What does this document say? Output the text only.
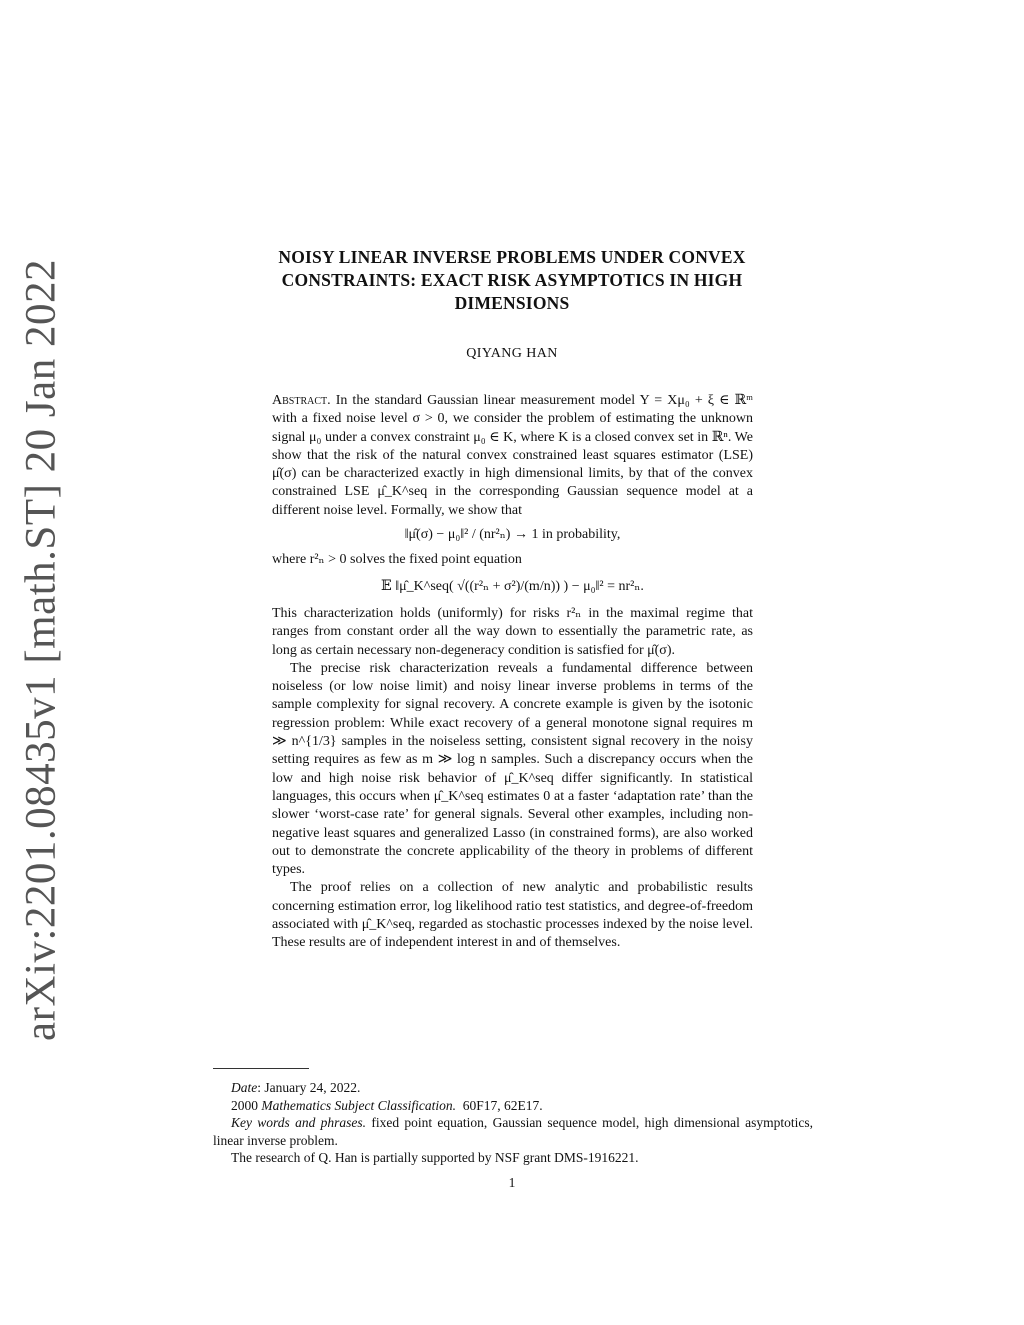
arXiv:2201.08435v1 [math.ST] 20 Jan 2022
NOISY LINEAR INVERSE PROBLEMS UNDER CONVEX
CONSTRAINTS: EXACT RISK ASYMPTOTICS IN HIGH
DIMENSIONS
QIYANG HAN

Abstract. In the standard Gaussian linear measurement model Y = Xμ₀ + ξ ∈ ℝᵐ with a fixed noise level σ > 0, we consider the problem of estimating the unknown signal μ₀ under a convex constraint μ₀ ∈ K, where K is a closed convex set in ℝⁿ. We show that the risk of the natural convex constrained least squares estimator (LSE) μ̂(σ) can be characterized exactly in high dimensional limits, by that of the convex constrained LSE μ̂_K^seq in the corresponding Gaussian sequence model at a different noise level. Formally, we show that

‖μ̂(σ) − μ₀‖² / (nr²ₙ) → 1 in probability,

where r²ₙ > 0 solves the fixed point equation

𝔼 ‖μ̂_K^seq( √((r²ₙ + σ²)/(m/n)) ) − μ₀‖² = nr²ₙ.

This characterization holds (uniformly) for risks r²ₙ in the maximal regime that ranges from constant order all the way down to essentially the parametric rate, as long as certain necessary non-degeneracy condition is satisfied for μ̂(σ).

The precise risk characterization reveals a fundamental difference between noiseless (or low noise limit) and noisy linear inverse problems in terms of the sample complexity for signal recovery. A concrete example is given by the isotonic regression problem: While exact recovery of a general monotone signal requires m ≫ n^{1/3} samples in the noiseless setting, consistent signal recovery in the noisy setting requires as few as m ≫ log n samples. Such a discrepancy occurs when the low and high noise risk behavior of μ̂_K^seq differ significantly. In statistical languages, this occurs when μ̂_K^seq estimates 0 at a faster ‘adaptation rate’ than the slower ‘worst-case rate’ for general signals. Several other examples, including non-negative least squares and generalized Lasso (in constrained forms), are also worked out to demonstrate the concrete applicability of the theory in problems of different types.

The proof relies on a collection of new analytic and probabilistic results concerning estimation error, log likelihood ratio test statistics, and degree-of-freedom associated with μ̂_K^seq, regarded as stochastic processes indexed by the noise level. These results are of independent interest in and of themselves.

Date: January 24, 2022.

2000 Mathematics Subject Classification. 60F17, 62E17.

Key words and phrases. fixed point equation, Gaussian sequence model, high dimensional asymptotics, linear inverse problem.

The research of Q. Han is partially supported by NSF grant DMS-1916221.

1
